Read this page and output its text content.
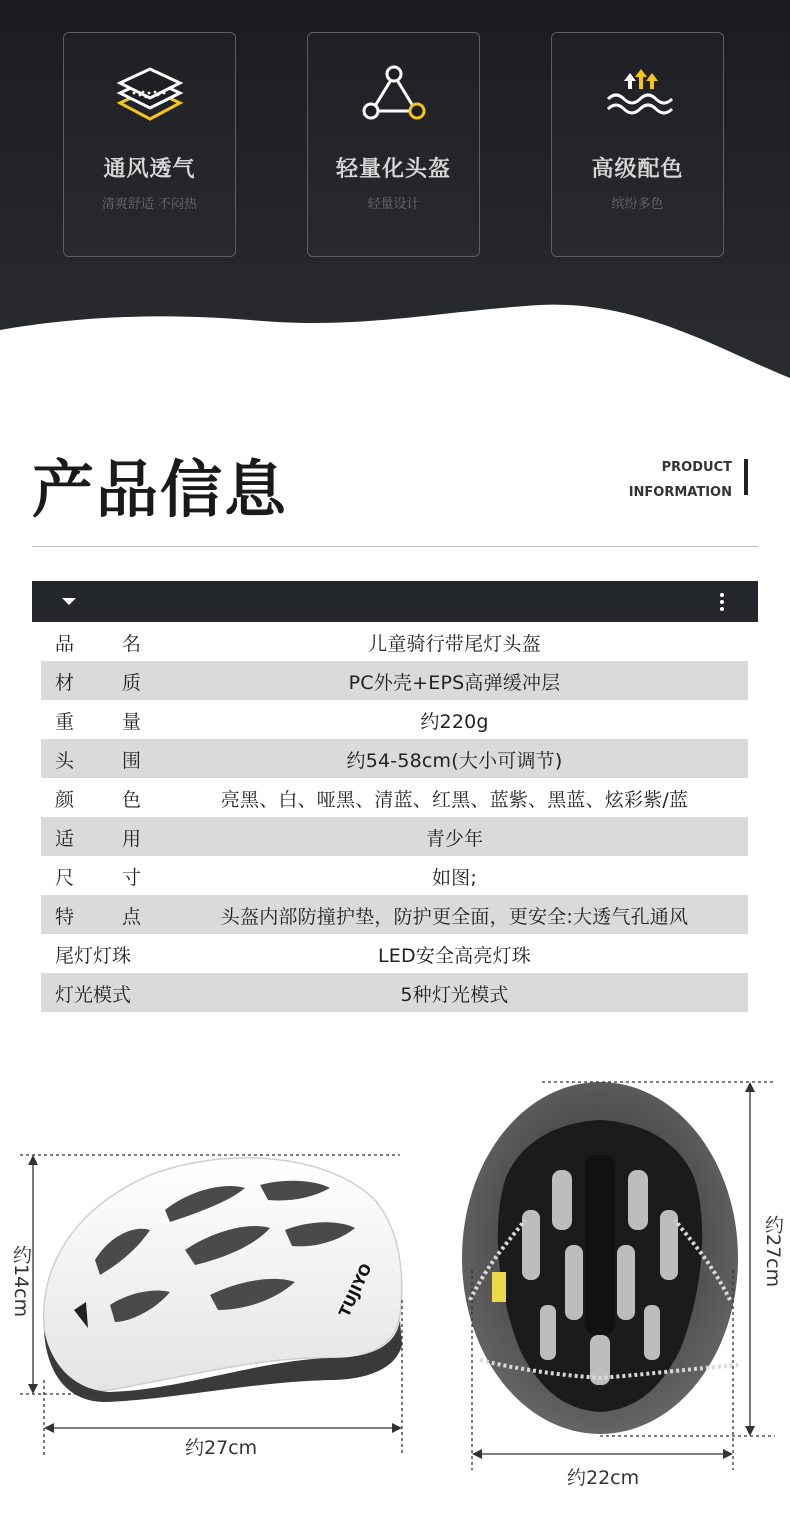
通风透气
清爽舒适 不闷热
轻量化头盔
轻量设计
高级配色
缤纷多色
产品信息	PRODUCT
INFORMATION
品	名	儿童骑行带尾灯头盔
材	质	PC外壳+EPS高弹缓冲层
重	量	约220g
头	围	约54-58cm(大小可调节)
颜	色	亮黑、白、哑黑、清蓝、红黑、蓝紫、黑蓝、炫彩紫/蓝
适	用	青少年
尺	寸	如图;
特	点	头盔内部防撞护垫，防护更全面，更安全:大透气孔通风
尾灯灯珠	LED安全高亮灯珠
灯光模式	5种灯光模式
TUJIYO
约14cm
约27cm
约27cm
约22cm
